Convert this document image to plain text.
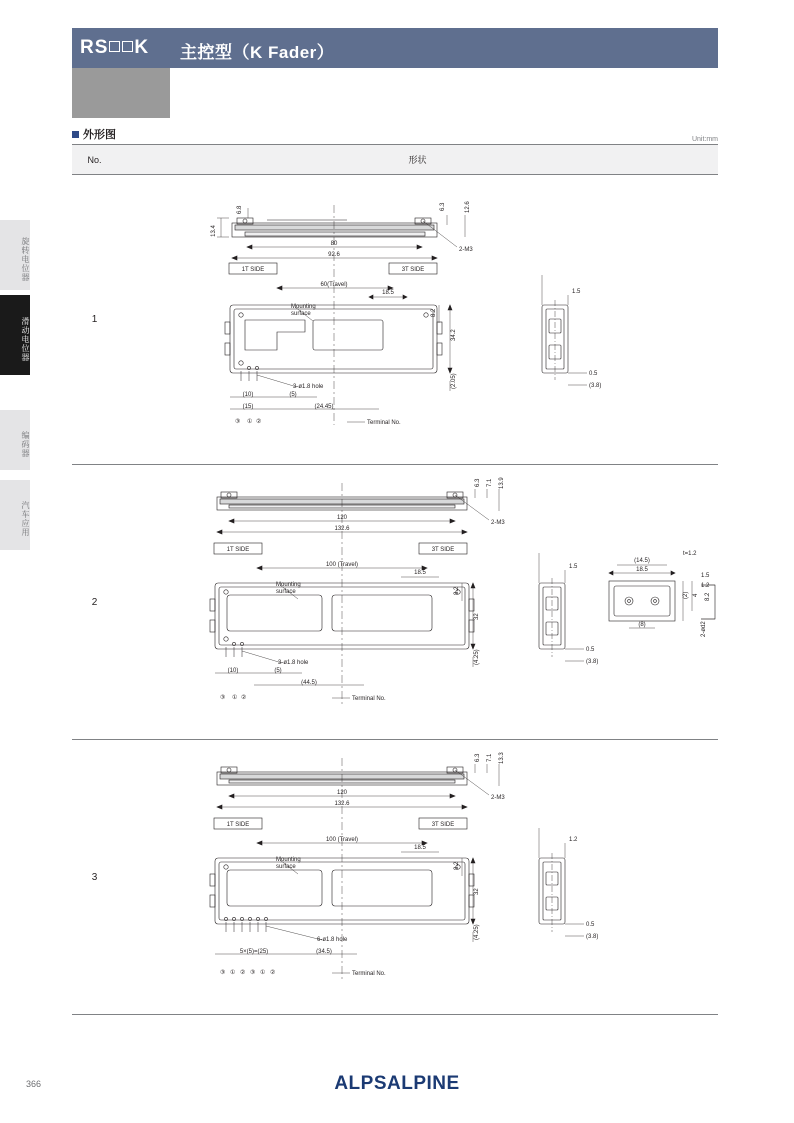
RS K 主控型（K Fader）
旋转电位器
滑动电位器
编码器
汽车应用
外形图	Unit:mm
No.	形状
1	
13.4
6.8	6.3	12.6
80
92.6
2-M3
60(Travel)
18.5
34.2
8.2
(2.05)
3-ø1.8 hole
(10)	(5)
(15)	(24.45)
③ ① ②	Terminal No.
Mounting
surface
1.5
0.5
(3.8)
1T SIDE	3T SIDE

2	
6.3 7.1 13.9
120
132.6
2-M3
100 (Travel)
18.5
32
8.2
(4.25)
3-ø1.8 hole
(10)	(5)
(44.5)
③ ① ②	Terminal No.
Mounting
surface
1.5
0.5
(3.8)
18.5
(14.5)
(8)
(2) 4 8.2
t=1.2
1.5
1.2
2-ød2
1T SIDE	3T SIDE

3	
6.3 7.1 13.3
120
132.6
2-M3
100 (Travel)
18.5
32
8.2
(4.25)
6-ø1.8 hole
5×(5)=(25)	(34.5)
③ ① ② ③ ① ②	Terminal No.
Mounting
surface
1.2
0.5
(3.8)
1T SIDE	3T SIDE
366	ALPSALPINE
